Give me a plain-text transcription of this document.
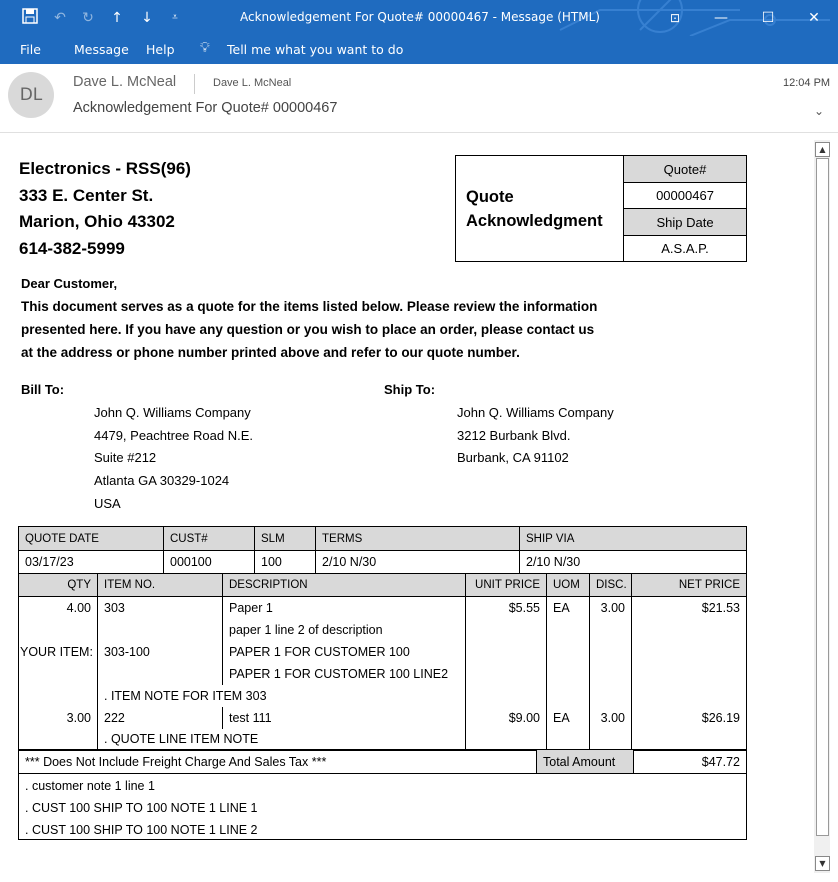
↶ ↻ ↑ ↓	⩡	Acknowledgement For Quote# 00000467 - Message (HTML)	⊡	—	☐	✕
File	Message Help 💡︎ Tell me what you want to do
DL
Dave L. McNeal	Dave L. McNeal
Acknowledgement For Quote# 00000467
12:04 PM
⌄
▲
▼
Electronics - RSS(96)
333 E. Center St.
Marion, Ohio 43302
614-382-5999
Quote
Acknowledgment	Quote#
00000467
Ship Date
A.S.A.P.
Dear Customer,
This document serves as a quote for the items listed below. Please review the information
presented here. If you have any question or you wish to place an order, please contact us
at the address or phone number printed above and refer to our quote number.
Bill To:
John Q. Williams Company
4479, Peachtree Road N.E.
Suite #212
Atlanta GA 30329-1024
USA
Ship To:
John Q. Williams Company
3212 Burbank Blvd.
Burbank, CA 91102
QUOTE DATE	CUST#	SLM	TERMS	SHIP VIA
03/17/23	000100	100	2/10 N/30	2/10 N/30
QTY	ITEM NO.	DESCRIPTION	UNIT PRICE	UOM	DISC.	NET PRICE
4.00	303	Paper 1	$5.55	EA	3.00	$21.53
		paper 1 line 2 of description				
YOUR ITEM:	303-100	PAPER 1 FOR CUSTOMER 100				
		PAPER 1 FOR CUSTOMER 100 LINE2				
	. ITEM NOTE FOR ITEM 303					
3.00	222	test 111	$9.00	EA	3.00	$26.19
	. QUOTE LINE ITEM NOTE					
*** Does Not Include Freight Charge And Sales Tax ***	Total Amount	$47.72
. customer note 1 line 1
. CUST 100 SHIP TO 100 NOTE 1 LINE 1
. CUST 100 SHIP TO 100 NOTE 1 LINE 2
